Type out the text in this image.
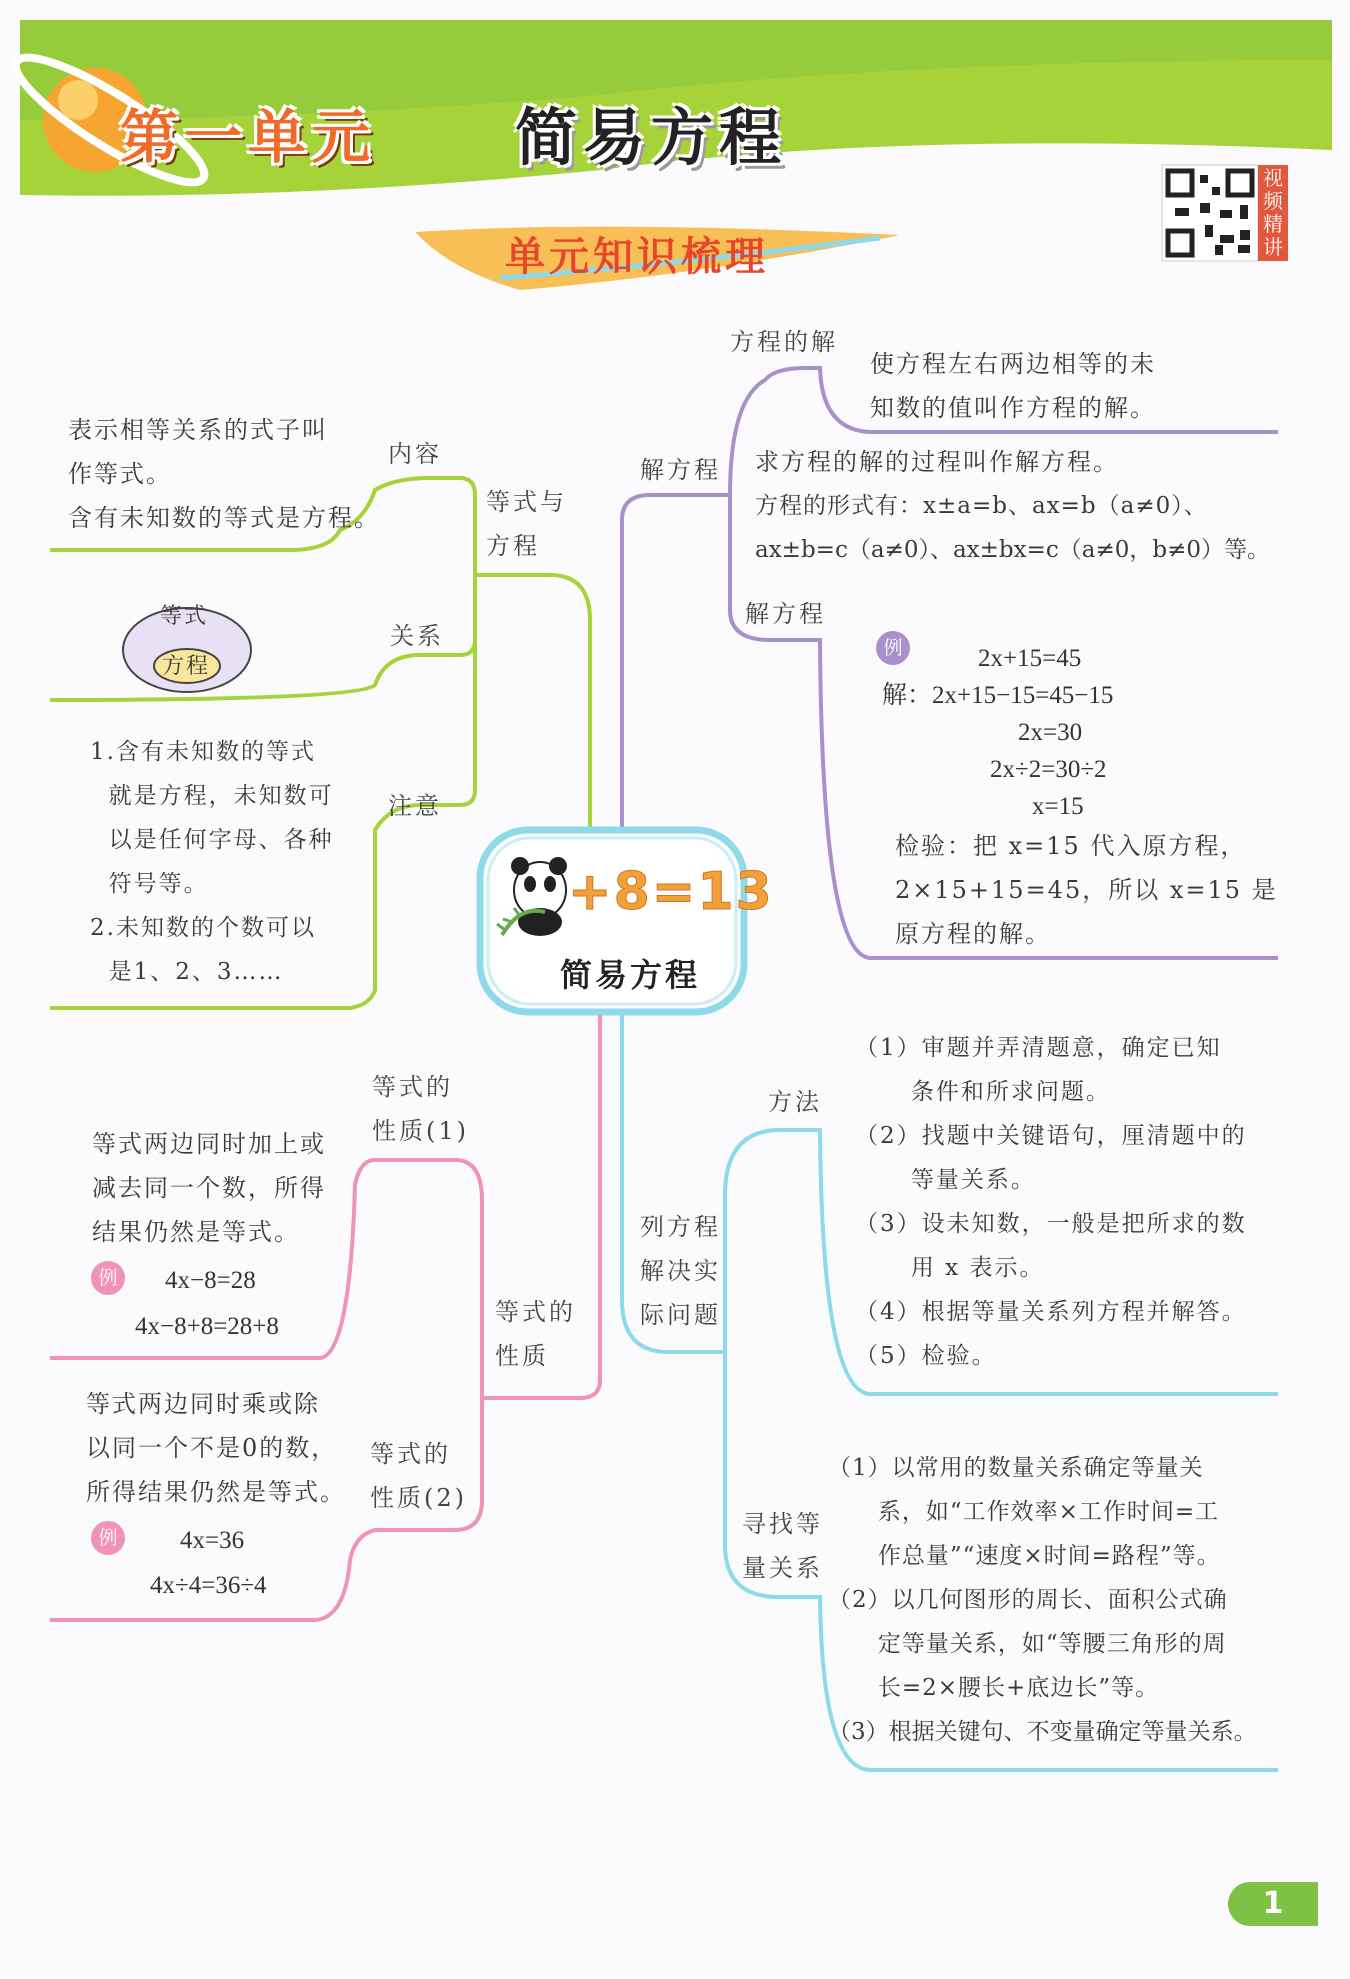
第一单元 简易方程
单元知识梳理
视频精讲
+8=13
简易方程
等式与
方程
内容
表示相等关系的式子叫
作等式。
含有未知数的等式是方程。
关系
等式
方程
注意
1.含有未知数的等式
就是方程，未知数可
以是任何字母、各种
符号等。
2.未知数的个数可以
是1、2、3……
解方程
方程的解
使方程左右两边相等的未
知数的值叫作方程的解。
求方程的解的过程叫作解方程。
方程的形式有：x±a=b、ax=b（a≠0）、
ax±b=c（a≠0）、ax±bx=c（a≠0，b≠0）等。
解方程
例	2x+15=45
解：2x+15−15=45−15
2x=30
2x÷2=30÷2
x=15
检验：把 x=15 代入原方程，
2×15+15=45，所以 x=15 是
原方程的解。
等式的
性质
等式的
性质(1)
等式两边同时加上或
减去同一个数，所得
结果仍然是等式。
例 4x−8=28
4x−8+8=28+8
等式的
性质(2)
等式两边同时乘或除
以同一个不是0的数，
所得结果仍然是等式。
例	4x=36
4x÷4=36÷4
列方程
解决实
际问题
方法
（1）审题并弄清题意，确定已知
条件和所求问题。
（2）找题中关键语句，厘清题中的
等量关系。
（3）设未知数，一般是把所求的数
用 x 表示。
（4）根据等量关系列方程并解答。
（5）检验。
寻找等
量关系
（1）以常用的数量关系确定等量关
系，如“工作效率×工作时间=工
作总量”“速度×时间=路程”等。
（2）以几何图形的周长、面积公式确
定等量关系，如“等腰三角形的周
长=2×腰长+底边长”等。
（3）根据关键句、不变量确定等量关系。
1
